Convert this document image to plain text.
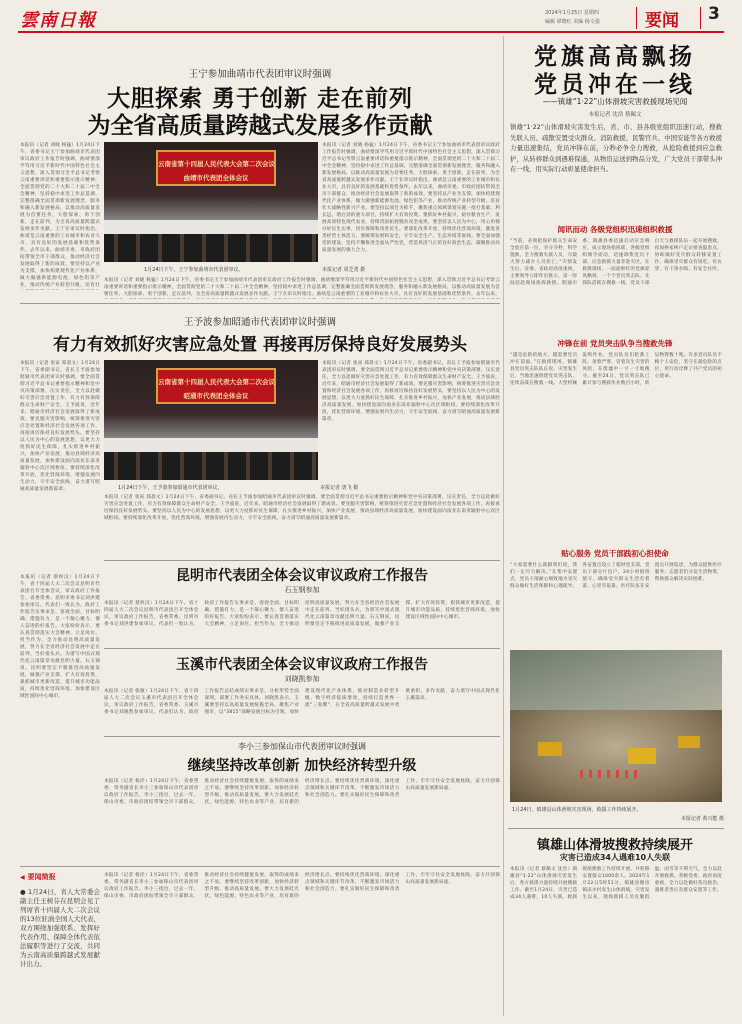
雲南日報	2024年1月25日 星期四
编辑 谭晓红 美编 杨文强	要闻 3
王宁参加曲靖市代表团审议时强调
大胆探索 勇于创新 走在前列
为全省高质量跨越式发展多作贡献
本报讯（记者 刘晓 杨猛）1月24日下午，省委书记王宁参加曲靖市代表团审议政府工作报告时强调，曲靖要深学笃用习近平新时代中国特色社会主义思想，深入贯彻习近平总书记考察云南重要讲话和重要指示批示精神，全面贯彻党的二十大和二十届二中全会精神，坚持稳中求进工作总基调，完整准确全面贯彻新发展理念，服务和融入新发展格局，以推动高质量发展为首要任务，大胆探索、勇于创新，走在前列，为全省高质量跨越式发展多作贡献。王宁在审议时指出，曲靖是云南重要的工业城市和农业大市，具有良好的发展基础和优势条件。去年以来，曲靖市委、市政府团结带领全市干部群众，推动经济社会发展取得了新的成效。要坚持以产业为支撑，加快构建现代化产业体系，做大做强新能源电池、绿色铝等产业，推动传统产业转型升级，培育壮
云南省第十四届人民代表大会第二次会议
曲靖市代表团全体会议
本报讯（记者 刘晓 杨猛）1月24日下午，省委书记王宁参加曲靖市代表团审议政府工作报告时强调，曲靖要深学笃用习近平新时代中国特色社会主义思想，深入贯彻习近平总书记考察云南重要讲话和重要指示批示精神，全面贯彻党的二十大和二十届二中全会精神，坚持稳中求进工作总基调，完整准确全面贯彻新发展理念，服务和融入新发展格局，以推动高质量发展为首要任务，大胆探索、勇于创新，走在前列，为全省高质量跨越式发展多作贡献。王宁在审议时指出，曲靖是云南重要的工业城市和农业大市，具有良好的发展基础和优势条件。去年以来，曲靖市委、市政府团结带领全市干部群众，推动经济社会发展取得了新的成效。要坚持以产业为支撑，加快构建现代化产业体系，做大做强新能源电池、绿色铝等产业，推动传统产业转型升级，培育壮大战略性新兴产业。要坚持以项目为抓手，聚焦重点领域谋划实施一批打基础、利长远、增后劲的重大项目，持续扩大有效投资。要抓好乡村振兴，稳住粮食生产，发展高原特色现代农业，持续巩固拓展脱贫攻坚成果。要坚持以人民为中心，用心用情办好民生实事，切实保障和改善民生。要深化改革开放，持续优化营商环境，激发各类经营主体活力。要统筹发展和安全，守牢安全生产、生态环境等底线。要全面加强党的建设，坚持不懈推进全面从严治党，营造风清气正的良好政治生态，凝聚推动高质量发展的强大合力。
1月24日下午，王宁参加曲靖市代表团审议。	本报记者 周芝勇 摄
本报讯（记者 刘晓 杨猛）1月24日下午，省委书记王宁参加曲靖市代表团审议政府工作报告时强调，曲靖要深学笃用习近平新时代中国特色社会主义思想，深入贯彻习近平总书记考察云南重要讲话和重要指示批示精神，全面贯彻党的二十大和二十届二中全会精神，坚持稳中求进工作总基调，完整准确全面贯彻新发展理念，服务和融入新发展格局，以推动高质量发展为首要任务，大胆探索、勇于创新，走在前列，为全省高质量跨越式发展多作贡献。王宁在审议时指出，曲靖是云南重要的工业城市和农业大市，具有良好的发展基础和优势条件。去年以来，
王予波参加昭通市代表团审议时强调
有力有效抓好灾害应急处置 再接再厉保持良好发展势头
本报讯（记者 张寅 郑晨文）1月24日下午，省委副书记、省长王予波参加昭通市代表团审议时强调，要全面贯彻习近平总书记重要指示精神和党中央决策部署，压实责任，全力以赴做好灾害应急处置工作，有力有效保障群众生命财产安全。王予波说，近年来，昭通市经济社会发展取得了新成效。要克服灾害影响，统筹推进灾害应急处置和经济社会发展各项工作，再接再厉保持良好发展势头。要坚持以人民为中心的发展思想，以更大力度抓好民生保障，扎实推进乡村振兴，加快产业发展，推动县域经济高质量发展，加快建设面向南亚东南亚辐射中心次区域枢纽。要持续深化改革开放，优化营商环境，增强发展内生动力，守牢安全底线，奋力谱写昭通高质量发展新篇章。
云南省第十四届人民代表大会第二次会议
昭通市代表团全体会议
本报讯（记者 张寅 郑晨文）1月24日下午，省委副书记、省长王予波参加昭通市代表团审议时强调，要全面贯彻习近平总书记重要指示精神和党中央决策部署，压实责任，全力以赴做好灾害应急处置工作，有力有效保障群众生命财产安全。王予波说，近年来，昭通市经济社会发展取得了新成效。要克服灾害影响，统筹推进灾害应急处置和经济社会发展各项工作，再接再厉保持良好发展势头。要坚持以人民为中心的发展思想，以更大力度抓好民生保障，扎实推进乡村振兴，加快产业发展，推动县域经济高质量发展，加快建设面向南亚东南亚辐射中心次区域枢纽。要持续深化改革开放，优化营商环境，增强发展内生动力，守牢安全底线，奋力谱写昭通高质量发展新篇章。
1月24日下午，王予波参加昭通市代表团审议。	本报记者 唐飞 摄
本报讯（记者 张寅 郑晨文）1月24日下午，省委副书记、省长王予波参加昭通市代表团审议时强调，要全面贯彻习近平总书记重要指示精神和党中央决策部署，压实责任，全力以赴做好灾害应急处置工作，有力有效保障群众生命财产安全。王予波说，近年来，昭通市经济社会发展取得了新成效。要克服灾害影响，统筹推进灾害应急处置和经济社会发展各项工作，再接再厉保持良好发展势头。要坚持以人民为中心的发展思想，以更大力度抓好民生保障，扎实推进乡村振兴，加快产业发展，推动县域经济高质量发展，加快建设面向南亚东南亚辐射中心次区域枢纽。要持续深化改革开放，优化营商环境，增强发展内生动力，守牢安全底线，奋力谱写昭通高质量发展新篇章。
本报讯（记者 蔡侯汉）1月24日下午，省十四届人大二次会议昆明市代表团召开全体会议，审议政府工作报告。省委常委、昆明市委书记刘洪建参加审议。代表们一致认为，政府工作报告实事求是、客观全面，目标明确、措施有力，是一个凝心聚力、催人奋进的好报告。大家纷纷表示，要认真贯彻落实大会精神，立足岗位、担当作为，全力推动昆明高质量发展，努力在全省经济社会发展中走在前列、当好排头兵，为谱写中国式现代化云南篇章贡献昆明力量。石玉钢说，昆明要坚定不移推进高质量发展，做强产业支撑、扩大有效投资，狠抓城市更新改造，提升城市功能品质，持续优化营商环境，加快建设区域性国际中心城市。
昆明市代表团全体会议审议政府工作报告
石玉钢参加
本报讯（记者 蔡侯汉）1月24日下午，省十四届人大二次会议昆明市代表团召开全体会议，审议政府工作报告。省委常委、昆明市委书记刘洪建参加审议。代表们一致认为，政府工作报告实事求是、客观全面，目标明确、措施有力，是一个凝心聚力、催人奋进的好报告。大家纷纷表示，要认真贯彻落实大会精神，立足岗位、担当作为，全力推动昆明高质量发展，努力在全省经济社会发展中走在前列、当好排头兵，为谱写中国式现代化云南篇章贡献昆明力量。石玉钢说，昆明要坚定不移推进高质量发展，做强产业支撑、扩大有效投资，狠抓城市更新改造，提升城市功能品质，持续优化营商环境，加快建设区域性国际中心城市。
玉溪市代表团全体会议审议政府工作报告
刘晓凯参加
本报讯（记者 张敏）1月24日下午，省十四届人大二次会议玉溪市代表团召开全体会议，审议政府工作报告。省委常委、玉溪市委书记刘晓凯参加审议。代表们认为，政府工作报告总结成绩实事求是，分析形势全面深刻，部署工作务实具体。刘晓凯表示，玉溪要坚持以高质量发展统揽全局，聚焦产业强市，以“3815”战略发展目标为引领，加快建设现代化产业体系，推动制造业转型升级、数字经济提质增效，持续打造世界一流“三张牌”，在全省高质量跨越式发展中勇挑重担、多作贡献，奋力谱写中国式现代化玉溪篇章。
李小三参加保山市代表团审议时强调
继续坚持改革创新 加快经济转型升级
本报讯（记者 杨洋）1月24日下午，省委常委、常务副省长李小三参加保山市代表团审议政府工作报告。李小三指出，过去一年，保山市委、市政府团结带领全市干部群众，推动经济社会持续健康发展，取得的成绩来之不易。要继续坚持改革创新，加快经济转型升级，推动高质量发展。要大力发展硅光伏、绿色能源、特色农业等产业，培育新的经济增长点。要持续优化营商环境，深化重点领域和关键环节改革，不断激发市场活力和社会创造力。要扎实做好民生保障和改善工作，牢牢守住安全发展底线，奋力开创保山高质量发展新局面。
◀ 要闻简报
● 1月24日，省人大常委会副主任王树芬在昆明会见了列席省十四届人大二次会议的13位驻滇全国人大代表，双方围绕加强联系、发挥好代表作用、保障全体代表依法履职等进行了交流，共同为云南高质量跨越式发展献计出力。
本报讯（记者 杨洋）1月24日下午，省委常委、常务副省长李小三参加保山市代表团审议政府工作报告。李小三指出，过去一年，保山市委、市政府团结带领全市干部群众，推动经济社会持续健康发展，取得的成绩来之不易。要继续坚持改革创新，加快经济转型升级，推动高质量发展。要大力发展硅光伏、绿色能源、特色农业等产业，培育新的经济增长点。要持续优化营商环境，深化重点领域和关键环节改革，不断激发市场活力和社会创造力。要扎实做好民生保障和改善工作，牢牢守住安全发展底线，奋力开创保山高质量发展新局面。
党旗高高飘扬
党员冲在一线
——镇雄“1·22”山体滑坡灾害救援现场见闻
本报记者 沈浩 蔡佩文
镇雄“1·22”山体滑坡灾害发生后，省、市、县各级党组织迅速行动，搜救失联人员、疏散安置受灾群众、消防救援、民警官兵、中国安能等各方救援力量迅速集结，党员冲锋在前，分秒必争全力搜救，从抢险救援到应急救护，从转移群众到遇难保通，从物资运送到物品分发，广大党员干部带头冲在一线，用实际行动彰显使命担当。
闻讯而动 各级党组织迅速组织救援
“当前，必须把保护群众生命安全放在第一位，争分夺秒，科学施救，全力搜救失联人员，尽最大努力减少人员伤亡。”灾情发生后，省委、省政府高度重视，主要领导立即作出批示，第一时间赶赴现场指挥救援。昭通市委、镇雄县委迅速启动应急响应，成立现场指挥部，各级党组织闻令而动，迅速调集党员干部、应急救援力量奔赴灾区。在救援现场，一面面鲜红的党旗迎风飘扬，一个个党员突击队、先锋队活跃在搜救一线。党员干部白天与救援队伍一起开展搜救，夜间挨家挨户走访排查隐患点，协助做好受灾群众转移安置工作，确保受灾群众有饭吃、有衣穿、有干净水喝、有安全住所。
冲锋在前 党员突击队争当搜救先锋
“越是危险的地方，越需要党员冲在前面。”在救援现场，镇雄县党员突击队队长说。灾害发生后，当地迅速组建党员突击队，连续奋战在搜救一线。大型机械轰鸣作业，党员队员们轮番上阵，顶着严寒、冒着次生灾害的风险，在废墟中一寸一寸地搜寻。截至24日，党员突击队已累计参与搜救作业数百小时，转运物资数十吨。许多党员队员不顾个人安危，坚守在最危险的点位，用行动诠释了共产党员的初心使命。
贴心服务 党员干部践初心担使命
“大家需要什么就跟我们说，我们一定尽力解决。”在集中安置点，党员干部耐心细致地为受灾群众做好生活保障和心理疏导。各安置点设立了临时党支部，党员干部分片包户，24小时值班值守，确保受灾群众生活有着落、心里有依靠。医疗队伍在安置点开展巡诊，为群众提供医疗服务；志愿者们分发生活物资，帮助群众解决实际困难。
1月24日，镇雄县山体滑坡灾害现场，救援工作持续展开。
本报记者 黄兴能 摄
镇雄山体滑坡搜救持续展开
灾害已造成34人遇难10人失联
本报讯（记者 蔡佩文 沈浩）镇雄县“1·22”山体滑坡灾害发生后，各方救援力量持续开展搜救工作。截至1月24日，灾害已造成34人遇难，10人失联。救援现场搜救工作持续开展，共转移安置群众1000余人。2024年1月22日5时51分，镇雄县塘房镇凉水村发生山体滑坡，灾害发生以来，现场救援人员克服低温、雨雪等不利天气，全力以赴开展救援。各级党委、政府高度重视，全力以赴做好伤员救治、遇难者善后及群众安置等工作。
